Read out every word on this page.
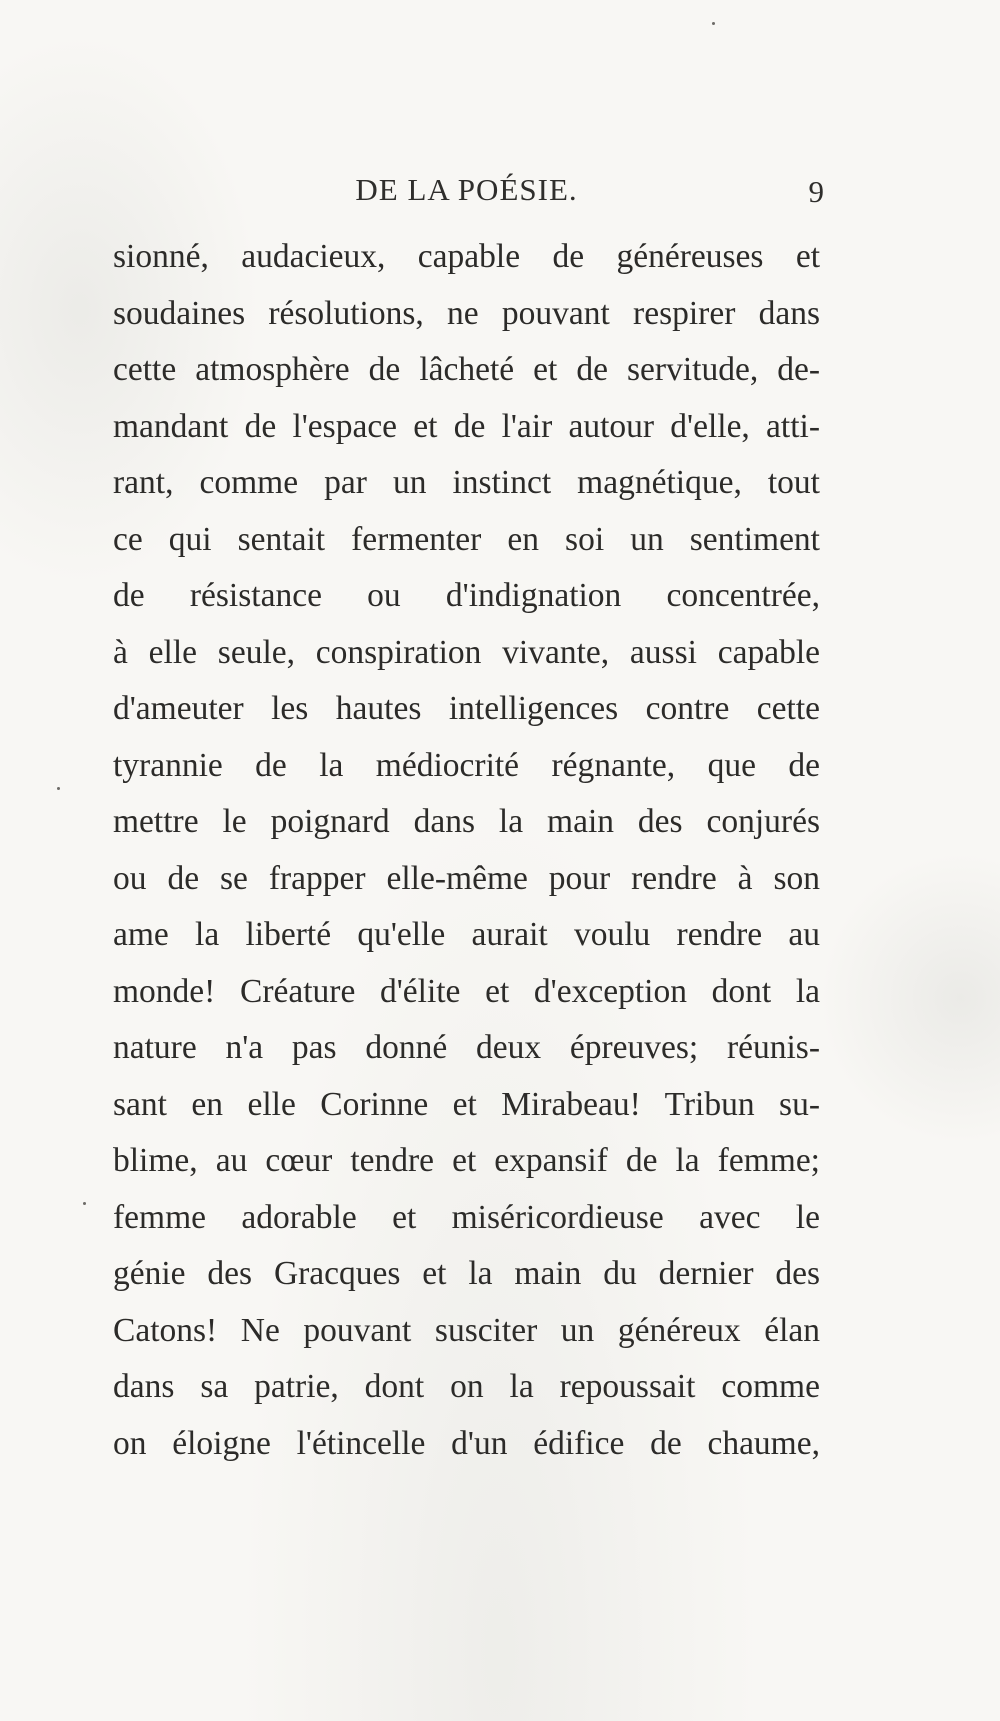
DE LA POÉSIE.	9
sionné, audacieux, capable de généreuses et
soudaines résolutions, ne pouvant respirer dans
cette atmosphère de lâcheté et de servitude, de-
mandant de l'espace et de l'air autour d'elle, atti-
rant, comme par un instinct magnétique, tout
ce qui sentait fermenter en soi un sentiment
de résistance ou d'indignation concentrée,
à elle seule, conspiration vivante, aussi capable
d'ameuter les hautes intelligences contre cette
tyrannie de la médiocrité régnante, que de
mettre le poignard dans la main des conjurés
ou de se frapper elle-même pour rendre à son
ame la liberté qu'elle aurait voulu rendre au
monde! Créature d'élite et d'exception dont la
nature n'a pas donné deux épreuves; réunis-
sant en elle Corinne et Mirabeau! Tribun su-
blime, au cœur tendre et expansif de la femme;
femme adorable et miséricordieuse avec le
génie des Gracques et la main du dernier des
Catons! Ne pouvant susciter un généreux élan
dans sa patrie, dont on la repoussait comme
on éloigne l'étincelle d'un édifice de chaume,
